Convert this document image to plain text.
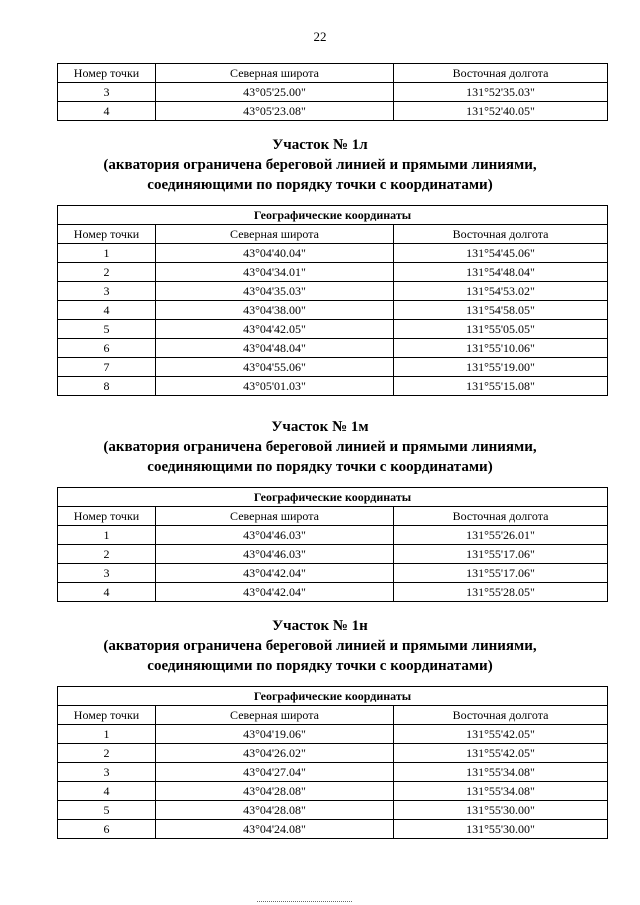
22
Номер точки	Северная широта	Восточная долгота
3	43°05'25.00"	131°52'35.03"
4	43°05'23.08"	131°52'40.05"
Участок № 1л
(акватория ограничена береговой линией и прямыми линиями,
соединяющими по порядку точки с координатами)
Географические координаты		
Номер точки	Северная широта	Восточная долгота
1	43°04'40.04"	131°54'45.06"
2	43°04'34.01"	131°54'48.04"
3	43°04'35.03"	131°54'53.02"
4	43°04'38.00"	131°54'58.05"
5	43°04'42.05"	131°55'05.05"
6	43°04'48.04"	131°55'10.06"
7	43°04'55.06"	131°55'19.00"
8	43°05'01.03"	131°55'15.08"
Участок № 1м
(акватория ограничена береговой линией и прямыми линиями,
соединяющими по порядку точки с координатами)
Географические координаты		
Номер точки	Северная широта	Восточная долгота
1	43°04'46.03"	131°55'26.01"
2	43°04'46.03"	131°55'17.06"
3	43°04'42.04"	131°55'17.06"
4	43°04'42.04"	131°55'28.05"
Участок № 1н
(акватория ограничена береговой линией и прямыми линиями,
соединяющими по порядку точки с координатами)
Географические координаты		
Номер точки	Северная широта	Восточная долгота
1	43°04'19.06"	131°55'42.05"
2	43°04'26.02"	131°55'42.05"
3	43°04'27.04"	131°55'34.08"
4	43°04'28.08"	131°55'34.08"
5	43°04'28.08"	131°55'30.00"
6	43°04'24.08"	131°55'30.00"
